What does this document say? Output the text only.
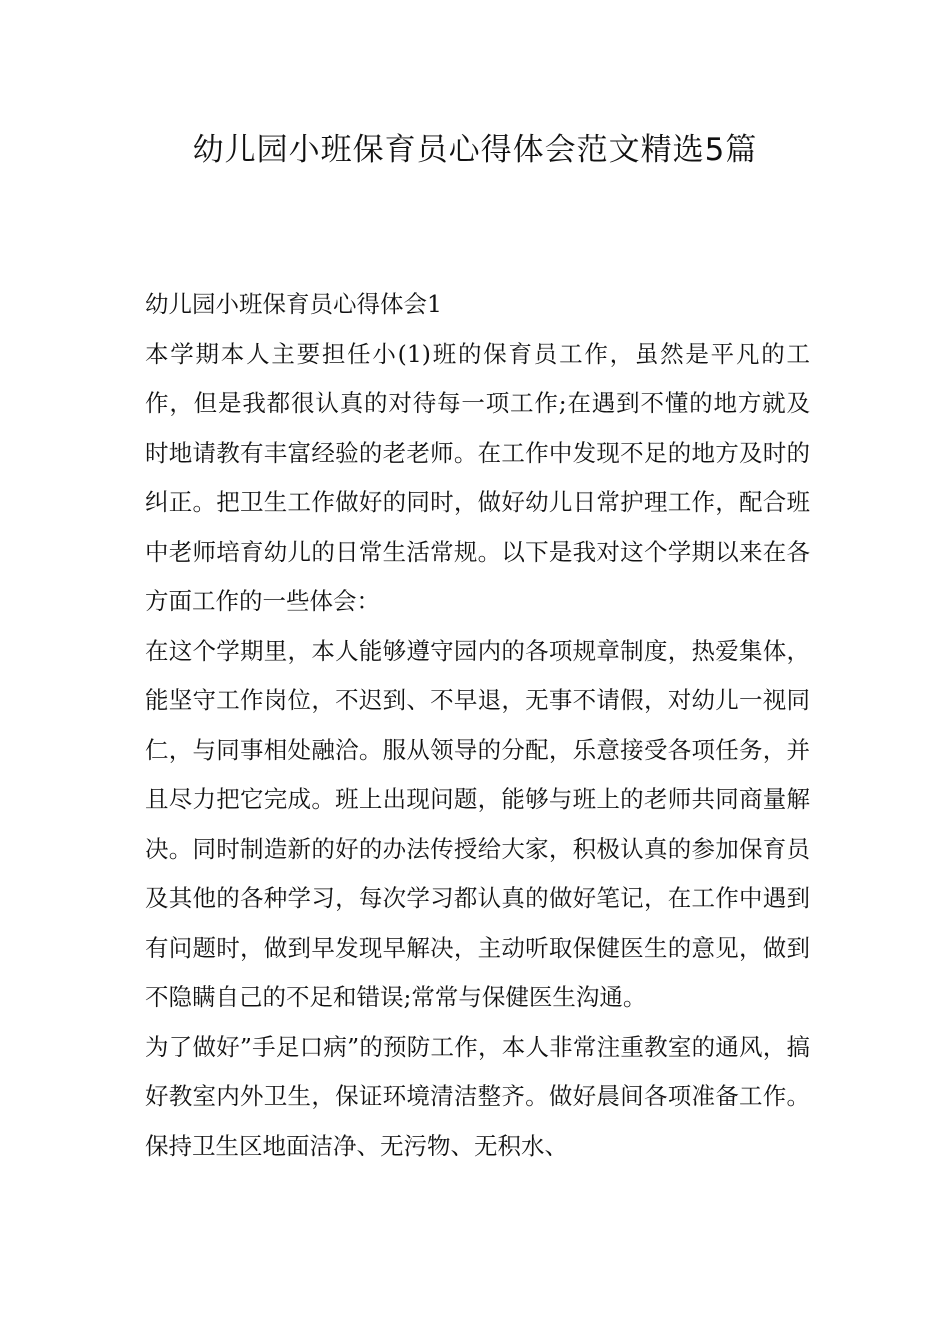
幼儿园小班保育员心得体会范文精选5篇
幼儿园小班保育员心得体会1

本学期本人主要担任小(1)班的保育员工作，虽然是平凡的工作，但是我都很认真的对待每一项工作;在遇到不懂的地方就及时地请教有丰富经验的老老师。在工作中发现不足的地方及时的纠正。把卫生工作做好的同时，做好幼儿日常护理工作，配合班中老师培育幼儿的日常生活常规。以下是我对这个学期以来在各方面工作的一些体会：

在这个学期里，本人能够遵守园内的各项规章制度，热爱集体，能坚守工作岗位，不迟到、不早退，无事不请假，对幼儿一视同仁，与同事相处融洽。服从领导的分配，乐意接受各项任务，并且尽力把它完成。班上出现问题，能够与班上的老师共同商量解决。同时制造新的好的办法传授给大家，积极认真的参加保育员及其他的各种学习，每次学习都认真的做好笔记，在工作中遇到有问题时，做到早发现早解决，主动听取保健医生的意见，做到不隐瞒自己的不足和错误;常常与保健医生沟通。

为了做好”手足口病”的预防工作，本人非常注重教室的通风，搞好教室内外卫生，保证环境清洁整齐。做好晨间各项准备工作。保持卫生区地面洁净、无污物、无积水、
